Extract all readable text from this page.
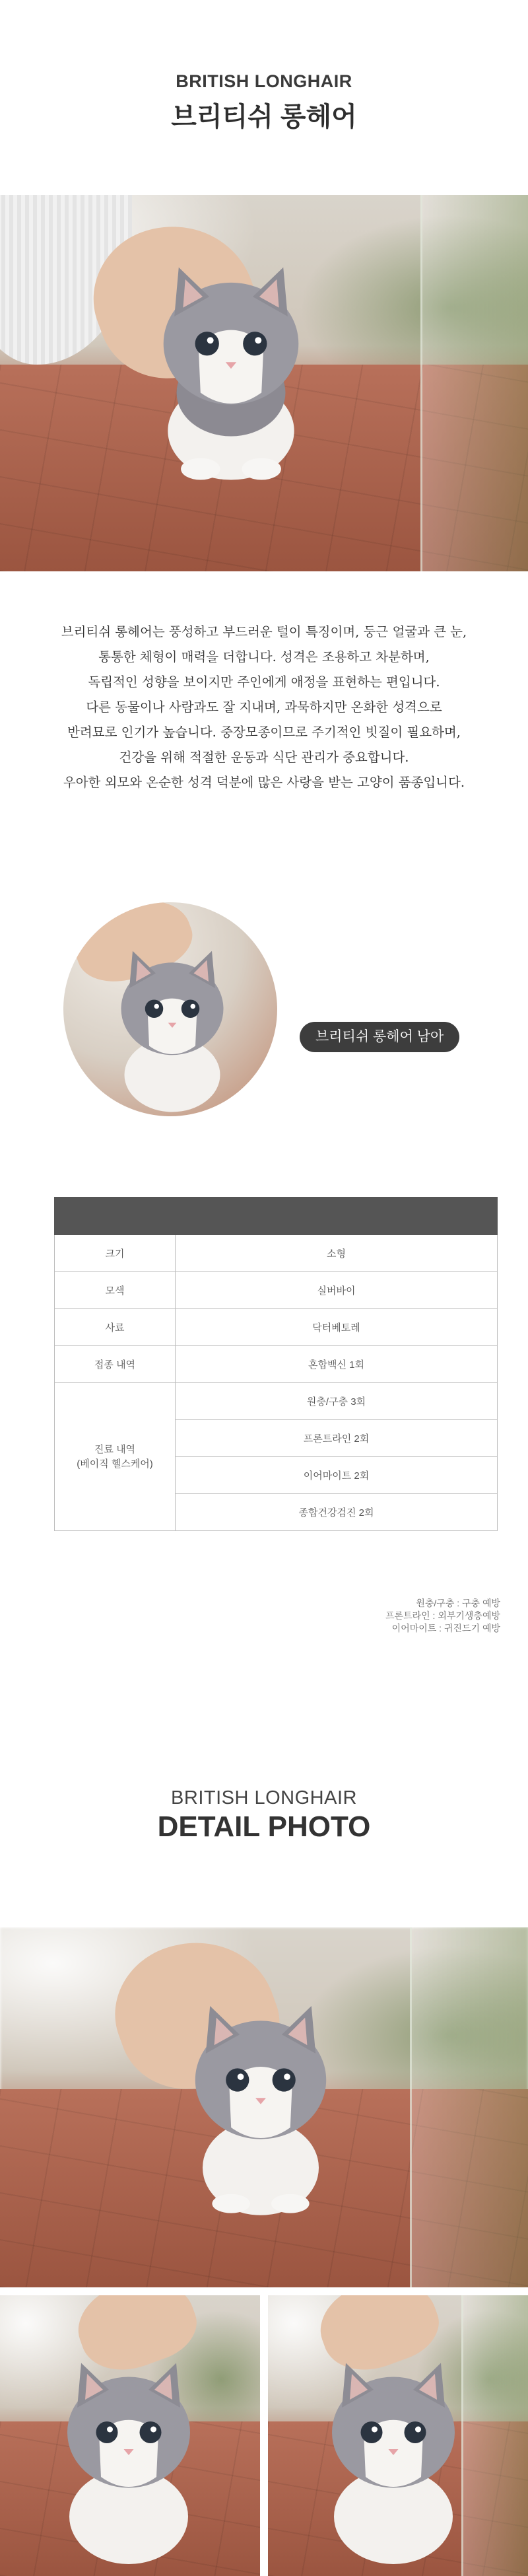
BRITISH LONGHAIR
브리티쉬 롱헤어
브리티쉬 롱헤어는 풍성하고 부드러운 털이 특징이며, 둥근 얼굴과 큰 눈,
통통한 체형이 매력을 더합니다. 성격은 조용하고 차분하며,
독립적인 성향을 보이지만 주인에게 애정을 표현하는 편입니다.
다른 동물이나 사람과도 잘 지내며, 과묵하지만 온화한 성격으로
반려묘로 인기가 높습니다. 중장모종이므로 주기적인 빗질이 필요하며,
건강을 위해 적절한 운동과 식단 관리가 중요합니다.
우아한 외모와 온순한 성격 덕분에 많은 사랑을 받는 고양이 품종입니다.
브리티쉬 롱헤어 남아

크기	소형
모색	실버바이
사료	닥터베토레
접종 내역	혼합백신 1회

진료 내역
(베이직 헬스케어)	원충/구충 3회
	프론트라인 2회
	이어마이트 2회
	종합건강검진 2회
원충/구충 : 구충 예방
프론트라인 : 외부기생충예방
이어마이트 : 귀진드기 예방
BRITISH LONGHAIR
DETAIL PHOTO
